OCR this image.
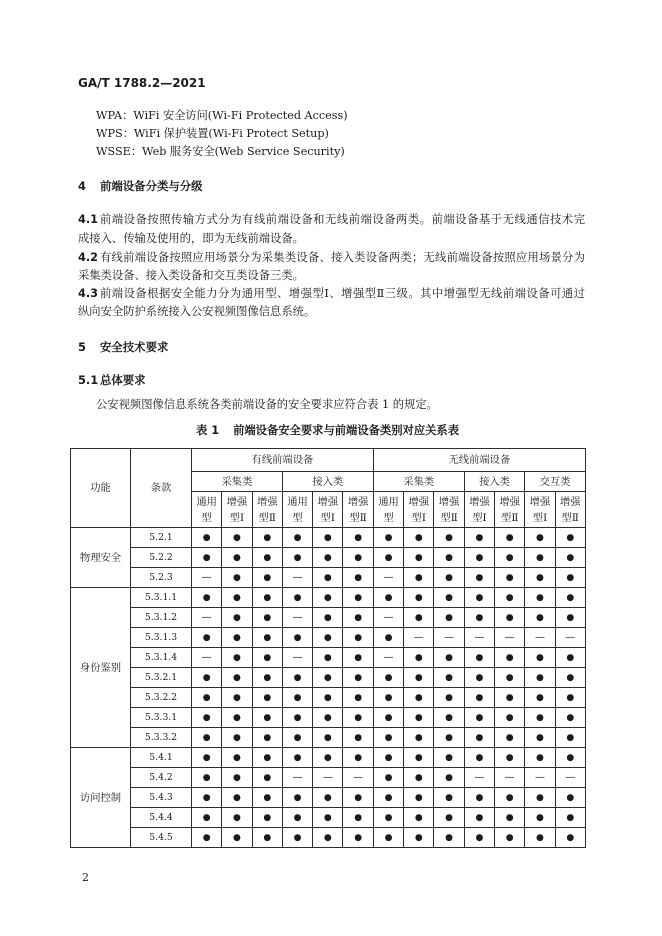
GA/T 1788.2—2021
WPA：WiFi 安全访问(Wi-Fi Protected Access)
WPS：WiFi 保护装置(Wi-Fi Protect Setup)
WSSE：Web 服务安全(Web Service Security)
4 前端设备分类与分级
4.1 前端设备按照传输方式分为有线前端设备和无线前端设备两类。前端设备基于无线通信技术完
成接入、传输及使用的，即为无线前端设备。
4.2 有线前端设备按照应用场景分为采集类设备、接入类设备两类；无线前端设备按照应用场景分为
采集类设备、接入类设备和交互类设备三类。
4.3 前端设备根据安全能力分为通用型、增强型Ⅰ、增强型Ⅱ三级。其中增强型无线前端设备可通过
纵向安全防护系统接入公安视频图像信息系统。
5 安全技术要求
5.1 总体要求
公安视频图像信息系统各类前端设备的安全要求应符合表 1 的规定。
表 1 前端设备安全要求与前端设备类别对应关系表
功能	条款	有线前端设备						无线前端设备						
		采集类			接入类			采集类			接入类		交互类	

		通用型	增强型Ⅰ	增强型Ⅱ	通用型	增强型Ⅰ	增强型Ⅱ	通用型	增强型Ⅰ	增强型Ⅱ	增强型Ⅰ	增强型Ⅱ	增强型Ⅰ	增强型Ⅱ

物理安全	5.2.1	●	●	●	●	●	●	●	●	●	●	●	●	●
	5.2.2	●	●	●	●	●	●	●	●	●	●	●	●	●
	5.2.3	—	●	●	—	●	●	—	●	●	●	●	●	●
身份鉴别	5.3.1.1	●	●	●	●	●	●	●	●	●	●	●	●	●
	5.3.1.2	—	●	●	—	●	●	—	●	●	●	●	●	●
	5.3.1.3	●	●	●	●	●	●	●	—	—	—	—	—	—
	5.3.1.4	—	●	●	—	●	●	—	●	●	●	●	●	●
	5.3.2.1	●	●	●	●	●	●	●	●	●	●	●	●	●
	5.3.2.2	●	●	●	●	●	●	●	●	●	●	●	●	●
	5.3.3.1	●	●	●	●	●	●	●	●	●	●	●	●	●
	5.3.3.2	●	●	●	●	●	●	●	●	●	●	●	●	●
访问控制	5.4.1	●	●	●	●	●	●	●	●	●	●	●	●	●
	5.4.2	●	●	●	—	—	—	●	●	●	—	—	—	—
	5.4.3	●	●	●	●	●	●	●	●	●	●	●	●	●
	5.4.4	●	●	●	●	●	●	●	●	●	●	●	●	●
	5.4.5	●	●	●	●	●	●	●	●	●	●	●	●	●
2
